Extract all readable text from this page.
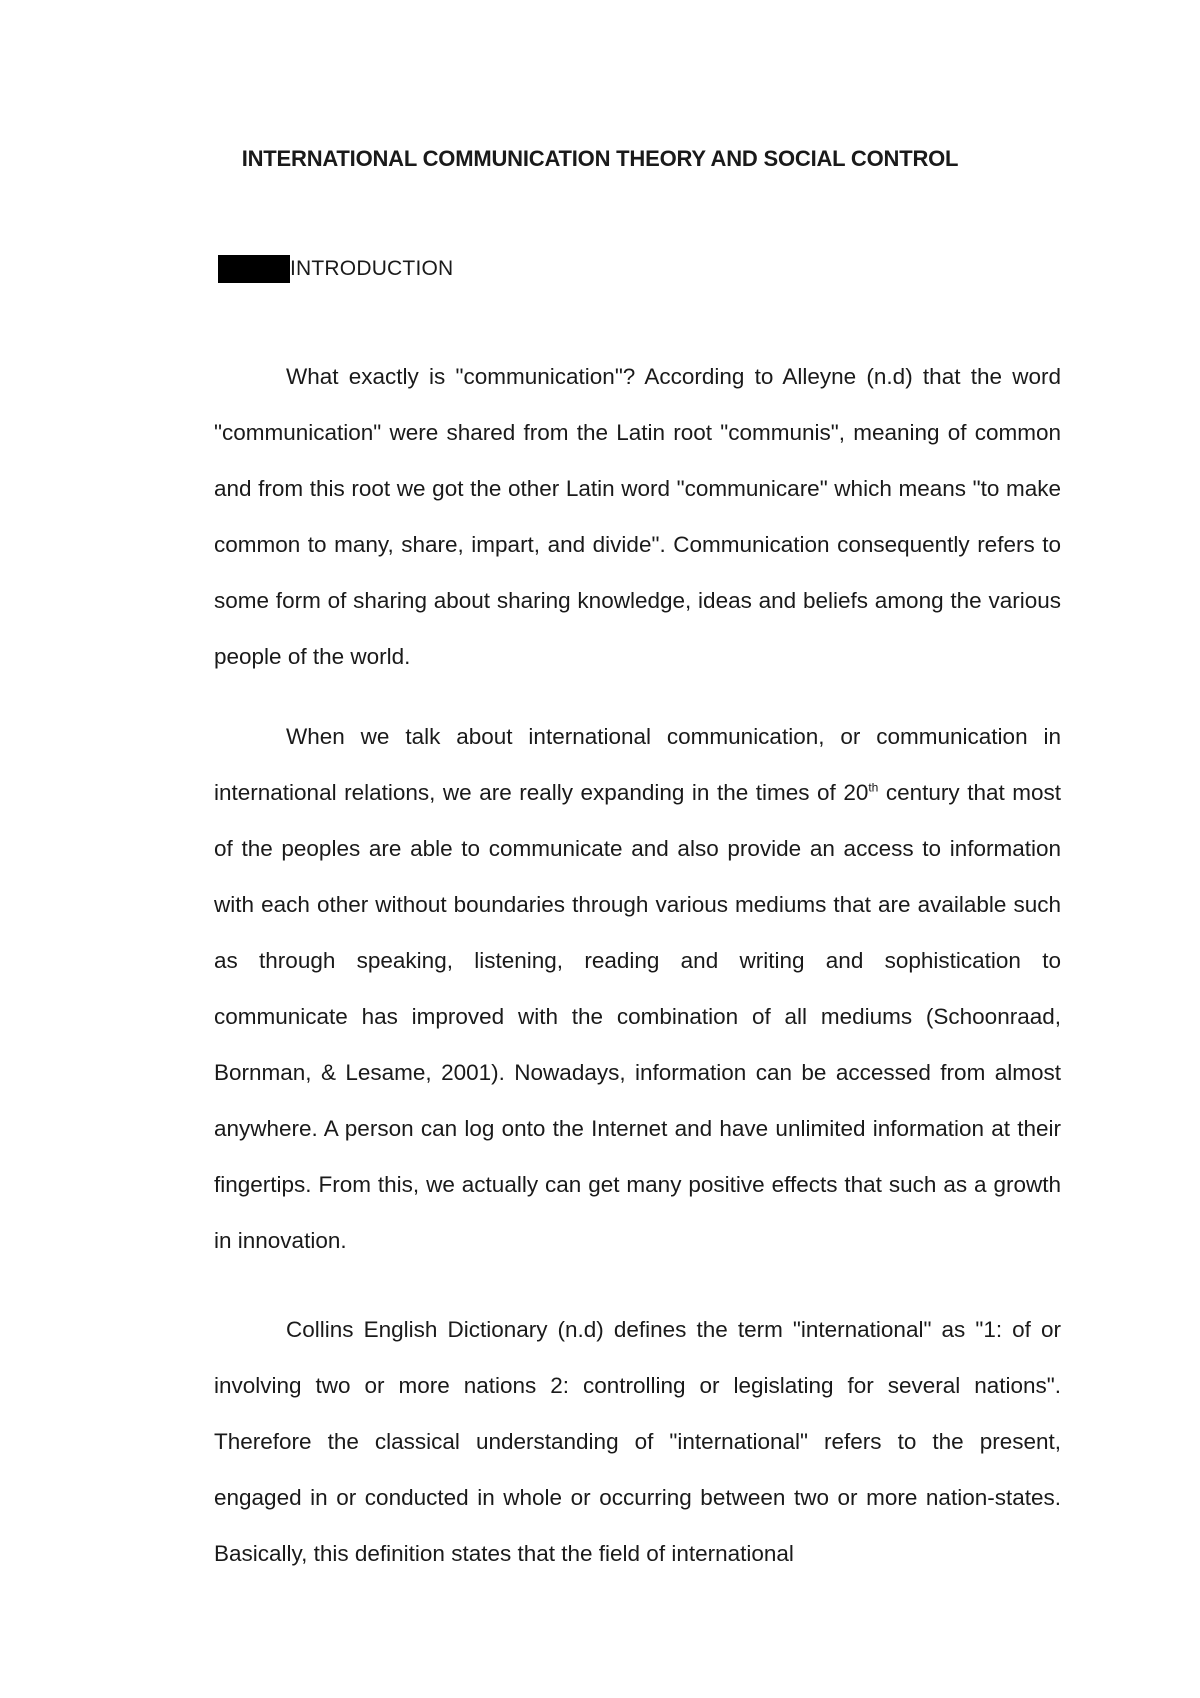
INTERNATIONAL COMMUNICATION THEORY AND SOCIAL CONTROL
INTRODUCTION

What exactly is "communication"? According to Alleyne (n.d) that the word "communication" were shared from the Latin root "communis", meaning of common and from this root we got the other Latin word "communicare" which means "to make common to many, share, impart, and divide". Communication consequently refers to some form of sharing about sharing knowledge, ideas and beliefs among the various people of the world.

When we talk about international communication, or communication in international relations, we are really expanding in the times of 20th century that most of the peoples are able to communicate and also provide an access to information with each other without boundaries through various mediums that are available such as through speaking, listening, reading and writing and sophistication to communicate has improved with the combination of all mediums (Schoonraad, Bornman, & Lesame, 2001). Nowadays, information can be accessed from almost anywhere. A person can log onto the Internet and have unlimited information at their fingertips. From this, we actually can get many positive effects that such as a growth in innovation.

Collins English Dictionary (n.d) defines the term "international" as "1: of or involving two or more nations 2: controlling or legislating for several nations". Therefore the classical understanding of "international" refers to the present, engaged in or conducted in whole or occurring between two or more nation-states. Basically, this definition states that the field of international
